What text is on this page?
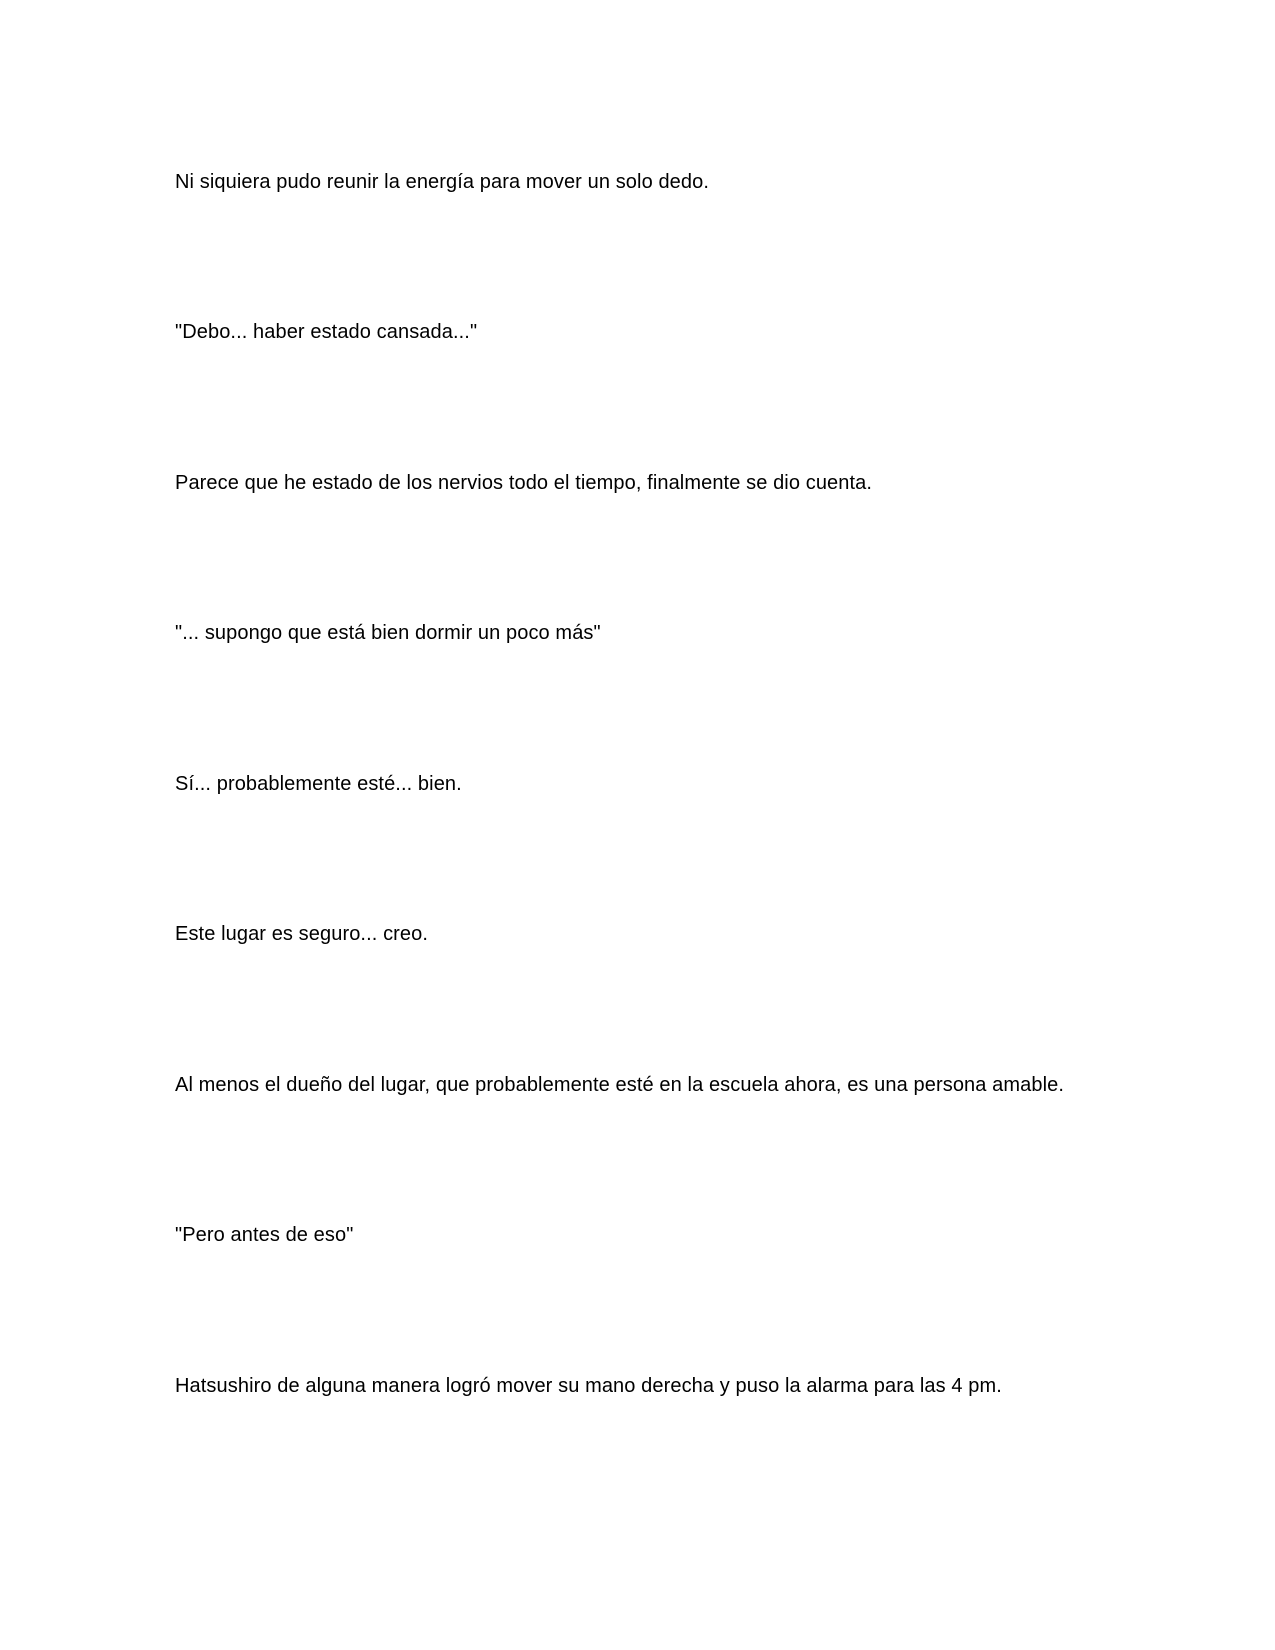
Ni siquiera pudo reunir la energía para mover un solo dedo.

"Debo... haber estado cansada..."

Parece que he estado de los nervios todo el tiempo, finalmente se dio cuenta.

"... supongo que está bien dormir un poco más"

Sí... probablemente esté... bien.

Este lugar es seguro... creo.

Al menos el dueño del lugar, que probablemente esté en la escuela ahora, es una persona amable.

"Pero antes de eso"

Hatsushiro de alguna manera logró mover su mano derecha y puso la alarma para las 4 pm.
